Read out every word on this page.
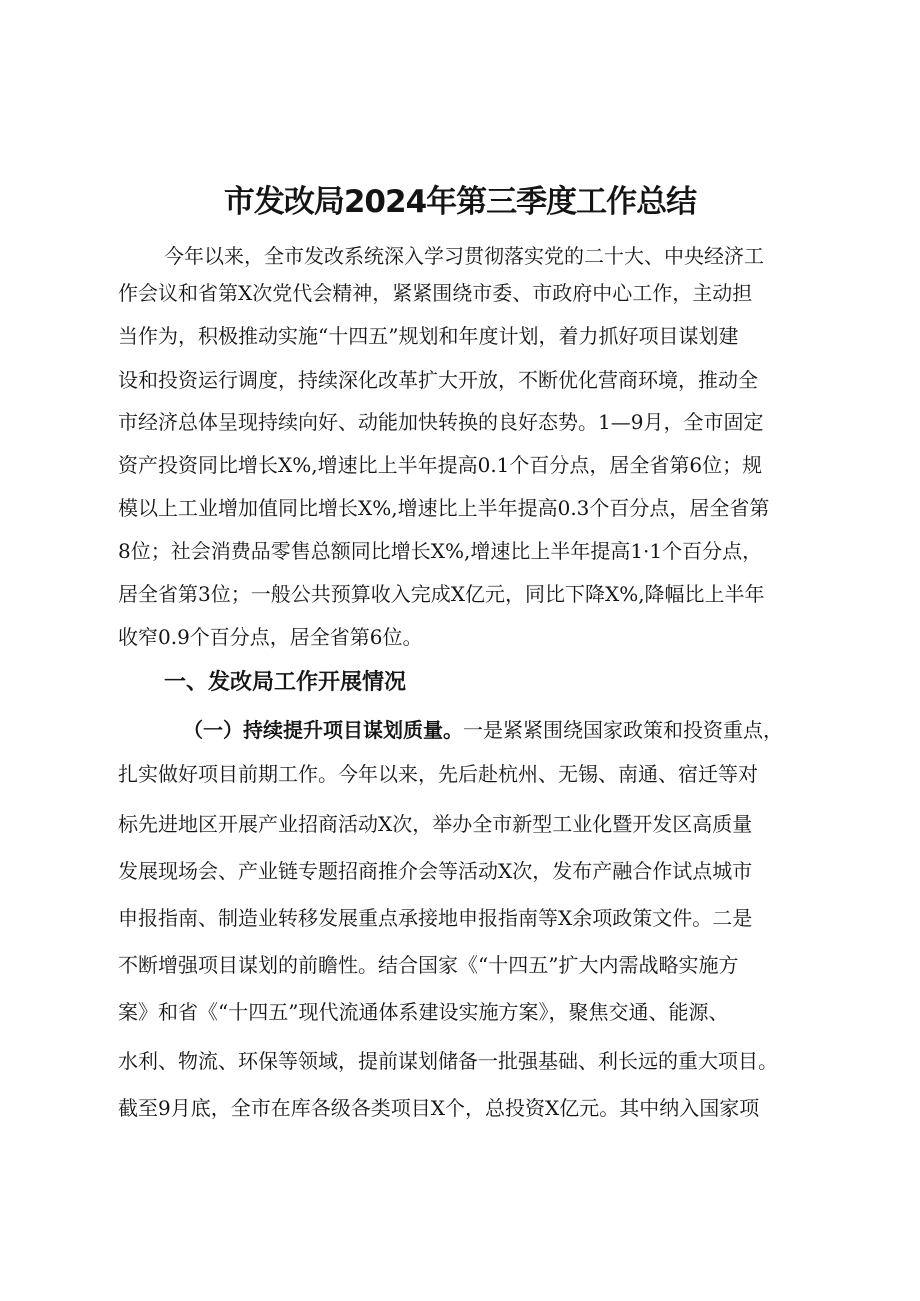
市发改局2024年第三季度工作总结
今年以来，全市发改系统深入学习贯彻落实党的二十大、中央经济工
作会议和省第X次党代会精神，紧紧围绕市委、市政府中心工作，主动担
当作为，积极推动实施“十四五”规划和年度计划，着力抓好项目谋划建
设和投资运行调度，持续深化改革扩大开放，不断优化营商环境，推动全
市经济总体呈现持续向好、动能加快转换的良好态势。1—9月，全市固定
资产投资同比增长X%,增速比上半年提高0.1个百分点，居全省第6位；规
模以上工业增加值同比增长X%,增速比上半年提高0.3个百分点，居全省第
8位；社会消费品零售总额同比增长X%,增速比上半年提高1·1个百分点，
居全省第3位；一般公共预算收入完成X亿元，同比下降X%,降幅比上半年
收窄0.9个百分点，居全省第6位。
一、发改局工作开展情况
（一）持续提升项目谋划质量。一是紧紧围绕国家政策和投资重点，
扎实做好项目前期工作。今年以来，先后赴杭州、无锡、南通、宿迁等对
标先进地区开展产业招商活动X次，举办全市新型工业化暨开发区高质量
发展现场会、产业链专题招商推介会等活动X次，发布产融合作试点城市
申报指南、制造业转移发展重点承接地申报指南等X余项政策文件。二是
不断增强项目谋划的前瞻性。结合国家《“十四五”扩大内需战略实施方
案》和省《“十四五”现代流通体系建设实施方案》，聚焦交通、能源、
水利、物流、环保等领域，提前谋划储备一批强基础、利长远的重大项目。
截至9月底，全市在库各级各类项目X个，总投资X亿元。其中纳入国家项
